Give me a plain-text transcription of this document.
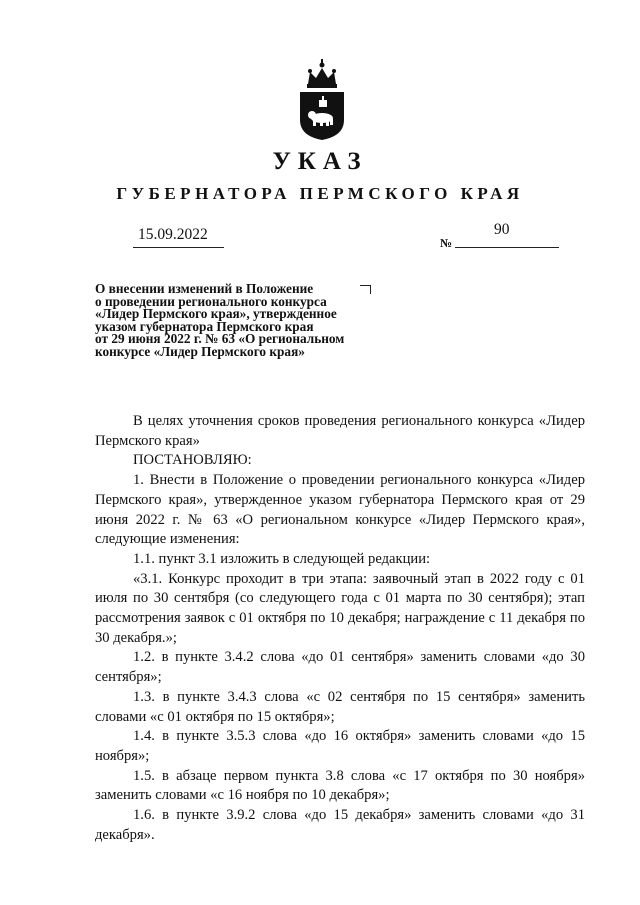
УКАЗ
ГУБЕРНАТОРА ПЕРМСКОГО КРАЯ
15.09.2022	№
90
О внесении изменений в Положение
о проведении регионального конкурса
«Лидер Пермского края», утвержденное
указом губернатора Пермского края
от 29 июня 2022 г. № 63 «О региональном
конкурсе «Лидер Пермского края»

В целях уточнения сроков проведения регионального конкурса «Лидер Пермского края»

ПОСТАНОВЛЯЮ:

1. Внести в Положение о проведении регионального конкурса «Лидер Пермского края», утвержденное указом губернатора Пермского края от 29 июня 2022 г. № 63 «О региональном конкурсе «Лидер Пермского края», следующие изменения:

1.1. пункт 3.1 изложить в следующей редакции:

«3.1. Конкурс проходит в три этапа: заявочный этап в 2022 году с 01 июля по 30 сентября (со следующего года с 01 марта по 30 сентября); этап рассмотрения заявок с 01 октября по 10 декабря; награждение с 11 декабря по 30 декабря.»;

1.2. в пункте 3.4.2 слова «до 01 сентября» заменить словами «до 30 сентября»;

1.3. в пункте 3.4.3 слова «с 02 сентября по 15 сентября» заменить словами «с 01 октября по 15 октября»;

1.4. в пункте 3.5.3 слова «до 16 октября» заменить словами «до 15 ноября»;

1.5. в абзаце первом пункта 3.8 слова «с 17 октября по 30 ноября» заменить словами «с 16 ноября по 10 декабря»;

1.6. в пункте 3.9.2 слова «до 15 декабря» заменить словами «до 31 декабря».
